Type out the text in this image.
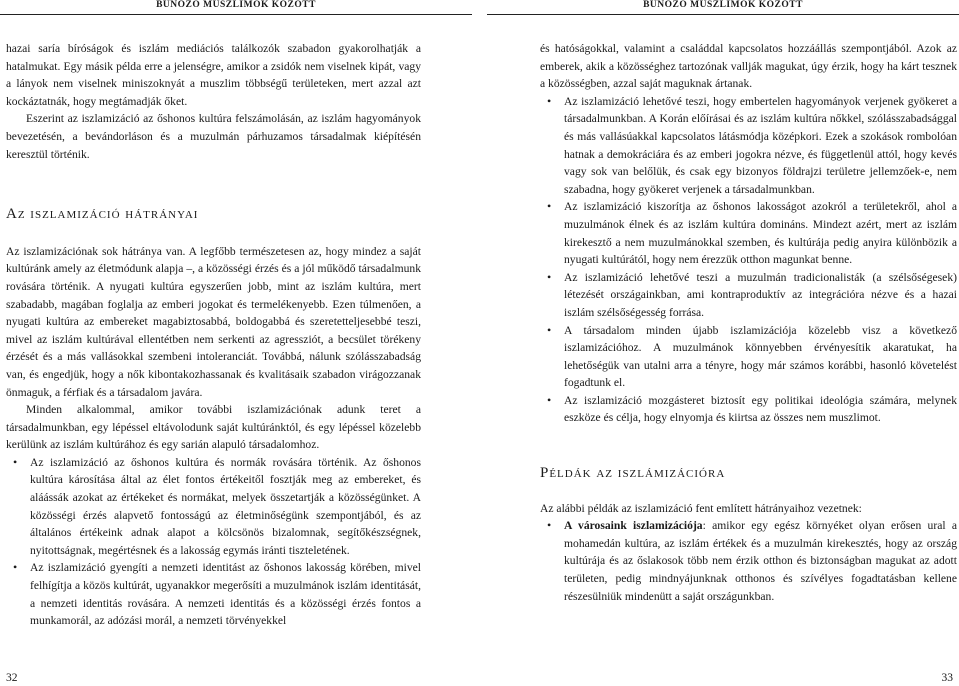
BŰNÖZŐ MUSZLIMOK KÖZÖTT	BŰNÖZŐ MUSZLIMOK KÖZÖTT

hazai saría bíróságok és iszlám mediációs találkozók szabadon gyakorolhatják a hatalmukat. Egy másik példa erre a jelenségre, amikor a zsidók nem viselnek kipát, vagy a lányok nem viselnek miniszoknyát a muszlim többségű területeken, mert azzal azt kockáztatnák, hogy megtámadják őket.

Eszerint az iszlamizáció az őshonos kultúra felszámolásán, az iszlám hagyományok bevezetésén, a bevándorláson és a muzulmán párhuzamos társadalmak kiépítésén keresztül történik.

Az iszlamizáció hátrányai

Az iszlamizációnak sok hátránya van. A legfőbb természetesen az, hogy mindez a saját kultúránk amely az életmódunk alapja –, a közösségi érzés és a jól működő társadalmunk rovására történik. A nyugati kultúra egyszerűen jobb, mint az iszlám kultúra, mert szabadabb, magában foglalja az emberi jogokat és termelékenyebb. Ezen túlmenően, a nyugati kultúra az embereket magabiztosabbá, boldogabbá és szeretetteljesebbé teszi, mivel az iszlám kultúrával ellentétben nem serkenti az agressziót, a becsület törékeny érzését és a más vallásokkal szembeni intoleranciát. Továbbá, nálunk szólásszabadság van, és engedjük, hogy a nők kibontakozhassanak és kvalitásaik szabadon virágozzanak önmaguk, a férfiak és a társadalom javára.

Minden alkalommal, amikor további iszlamizációnak adunk teret a társadalmunkban, egy lépéssel eltávolodunk saját kultúránktól, és egy lépéssel közelebb kerülünk az iszlám kultúrához és egy sarián alapuló társadalomhoz.

• Az iszlamizáció az őshonos kultúra és normák rovására történik. Az őshonos kultúra károsítása által az élet fontos értékeitől fosztják meg az embereket, és aláássák azokat az értékeket és normákat, melyek összetartják a közösségünket. A közösségi érzés alapvető fontosságú az életminőségünk szempontjából, és az általános értékeink adnak alapot a kölcsönös bizalomnak, segítőkészségnek, nyitottságnak, megértésnek és a lakosság egymás iránti tiszteletének.
• Az iszlamizáció gyengíti a nemzeti identitást az őshonos lakosság körében, mivel felhígítja a közös kultúrát, ugyanakkor megerősíti a muzulmánok iszlám identitását, a nemzeti identitás rovására. A nemzeti identitás és a közösségi érzés fontos a munkamorál, az adózási morál, a nemzeti törvényekkel

és hatóságokkal, valamint a családdal kapcsolatos hozzáállás szempontjából. Azok az emberek, akik a közösséghez tartozónak vallják magukat, úgy érzik, hogy ha kárt tesznek a közösségben, azzal saját maguknak ártanak.

• Az iszlamizáció lehetővé teszi, hogy embertelen hagyományok verjenek gyökeret a társadalmunkban. A Korán előírásai és az iszlám kultúra nőkkel, szólásszabadsággal és más vallásúakkal kapcsolatos látásmódja középkori. Ezek a szokások rombolóan hatnak a demokráciára és az emberi jogokra nézve, és függetlenül attól, hogy kevés vagy sok van belőlük, és csak egy bizonyos földrajzi területre jellemzőek-e, nem szabadna, hogy gyökeret verjenek a társadalmunkban.
• Az iszlamizáció kiszorítja az őshonos lakosságot azokról a területekről, ahol a muzulmánok élnek és az iszlám kultúra domináns. Mindezt azért, mert az iszlám kirekesztő a nem muzulmánokkal szemben, és kultúrája pedig anyira különbözik a nyugati kultúrától, hogy nem érezzük otthon magunkat benne.
• Az iszlamizáció lehetővé teszi a muzulmán tradicionalisták (a szélsőségesek) létezését országainkban, ami kontraproduktív az integrációra nézve és a hazai iszlám szélsőségesség forrása.
• A társadalom minden újabb iszlamizációja közelebb visz a következő iszlamizációhoz. A muzulmánok könnyebben érvényesítik akaratukat, ha lehetőségük van utalni arra a tényre, hogy már számos korábbi, hasonló követelést fogadtunk el.
• Az iszlamizáció mozgásteret biztosít egy politikai ideológia számára, melynek eszköze és célja, hogy elnyomja és kiirtsa az összes nem muszlimot.
Példák az iszlámizációra

Az alábbi példák az iszlamizáció fent említett hátrányaihoz vezetnek:

• A városaink iszlamizációja: amikor egy egész környéket olyan erősen ural a mohamedán kultúra, az iszlám értékek és a muzulmán kirekesztés, hogy az ország kultúrája és az őslakosok több nem érzik otthon és biztonságban magukat az adott területen, pedig mindnyájunknak otthonos és szívélyes fogadtatásban kellene részesülniük mindenütt a saját országunkban.
32	33
